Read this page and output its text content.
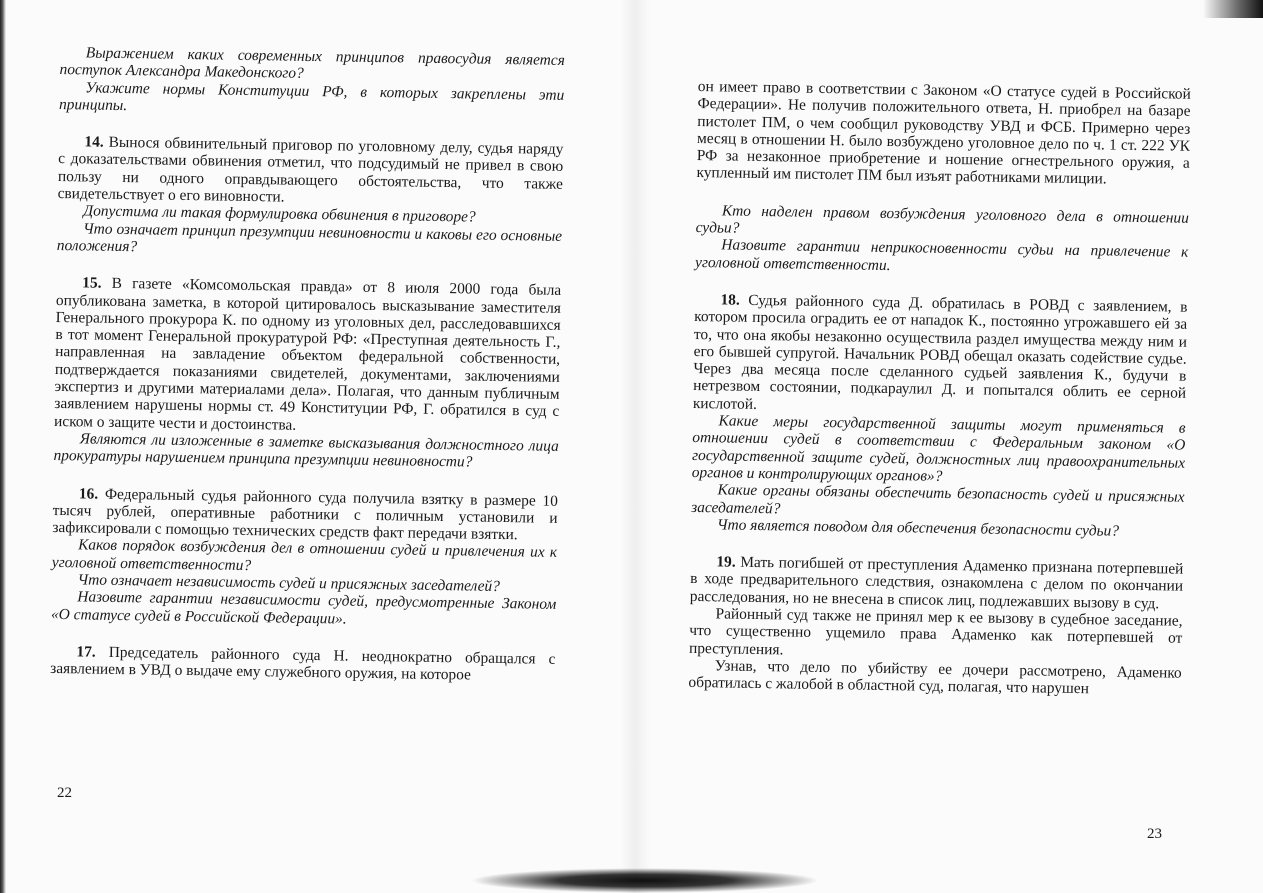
Выражением каких современных принципов правосудия является поступок Александра Македонского?

Укажите нормы Конституции РФ, в которых закреплены эти принципы.

14. Вынося обвинительный приговор по уголовному делу, судья наряду с доказательствами обвинения отметил, что подсудимый не привел в свою пользу ни одного оправдывающего обстоятельства, что также свидетельствует о его виновности.

Допустима ли такая формулировка обвинения в приговоре?

Что означает принцип презумпции невиновности и каковы его основные положения?

15. В газете «Комсомольская правда» от 8 июля 2000 года была опубликована заметка, в которой цитировалось высказывание заместителя Генерального прокурора К. по одному из уголовных дел, расследовавшихся в тот момент Генеральной прокуратурой РФ: «Преступная деятельность Г., направленная на завладение объектом федеральной собственности, подтверждается показаниями свидетелей, документами, заключениями экспертиз и другими материалами дела». Полагая, что данным публичным заявлением нарушены нормы ст. 49 Конституции РФ, Г. обратился в суд с иском о защите чести и достоинства.

Являются ли изложенные в заметке высказывания должностного лица прокуратуры нарушением принципа презумпции невиновности?

16. Федеральный судья районного суда получила взятку в размере 10 тысяч рублей, оперативные работники с поличным установили и зафиксировали с помощью технических средств факт передачи взятки.

Каков порядок возбуждения дел в отношении судей и привлечения их к уголовной ответственности?

Что означает независимость судей и присяжных заседателей?

Назовите гарантии независимости судей, предусмотренные Законом «О статусе судей в Российской Федерации».

17. Председатель районного суда Н. неоднократно обращался с заявлением в УВД о выдаче ему служебного оружия, на которое

22

он имеет право в соответствии с Законом «О статусе судей в Российской Федерации». Не получив положительного ответа, Н. приобрел на базаре пистолет ПМ, о чем сообщил руководству УВД и ФСБ. Примерно через месяц в отношении Н. было возбуждено уголовное дело по ч. 1 ст. 222 УК РФ за незаконное приобретение и ношение огнестрельного оружия, а купленный им пистолет ПМ был изъят работниками милиции.

Кто наделен правом возбуждения уголовного дела в отношении судьи?

Назовите гарантии неприкосновенности судьи на привлечение к уголовной ответственности.

18. Судья районного суда Д. обратилась в РОВД с заявлением, в котором просила оградить ее от нападок К., постоянно угрожавшего ей за то, что она якобы незаконно осуществила раздел имущества между ним и его бывшей супругой. Начальник РОВД обещал оказать содействие судье. Через два месяца после сделанного судьей заявления К., будучи в нетрезвом состоянии, подкараулил Д. и попытался облить ее серной кислотой.

Какие меры государственной защиты могут применяться в отношении судей в соответствии с Федеральным законом «О государственной защите судей, должностных лиц правоохранительных органов и контролирующих органов»?

Какие органы обязаны обеспечить безопасность судей и присяжных заседателей?

Что является поводом для обеспечения безопасности судьи?

19. Мать погибшей от преступления Адаменко признана потерпевшей в ходе предварительного следствия, ознакомлена с делом по окончании расследования, но не внесена в список лиц, подлежавших вызову в суд.

Районный суд также не принял мер к ее вызову в судебное заседание, что существенно ущемило права Адаменко как потерпевшей от преступления.

Узнав, что дело по убийству ее дочери рассмотрено, Адаменко обратилась с жалобой в областной суд, полагая, что нарушен

23
